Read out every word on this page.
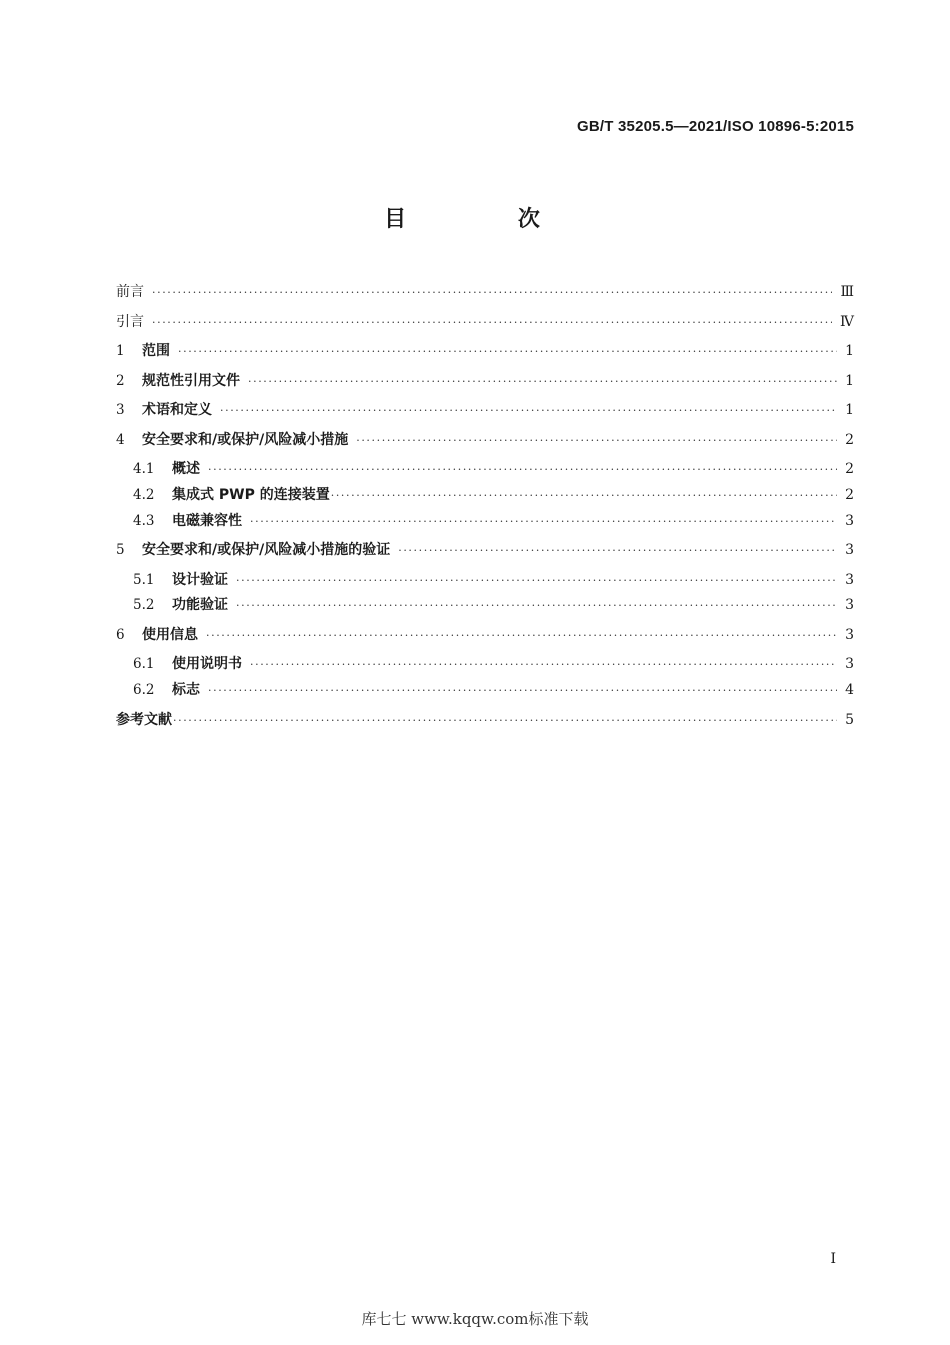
GB/T 35205.5—2021/ISO 10896-5:2015
目 次
前言 ·····	Ⅲ
引言 ·····	Ⅳ
1	范围 ·····	1
2	规范性引用文件 ·····	1
3	术语和定义 ·····	1
4	安全要求和/或保护/风险减小措施 ·····	2
4.1	概述 ·····	2
4.2	集成式 PWP 的连接装置 ·····	2
4.3	电磁兼容性 ·····	3
5	安全要求和/或保护/风险减小措施的验证 ·····	3
5.1	设计验证 ·····	3
5.2	功能验证 ·····	3
6	使用信息 ·····	3
6.1	使用说明书 ·····	3
6.2	标志 ·····	4
参考文献 ·····	5
I
库七七 www.kqqw.com标准下载
